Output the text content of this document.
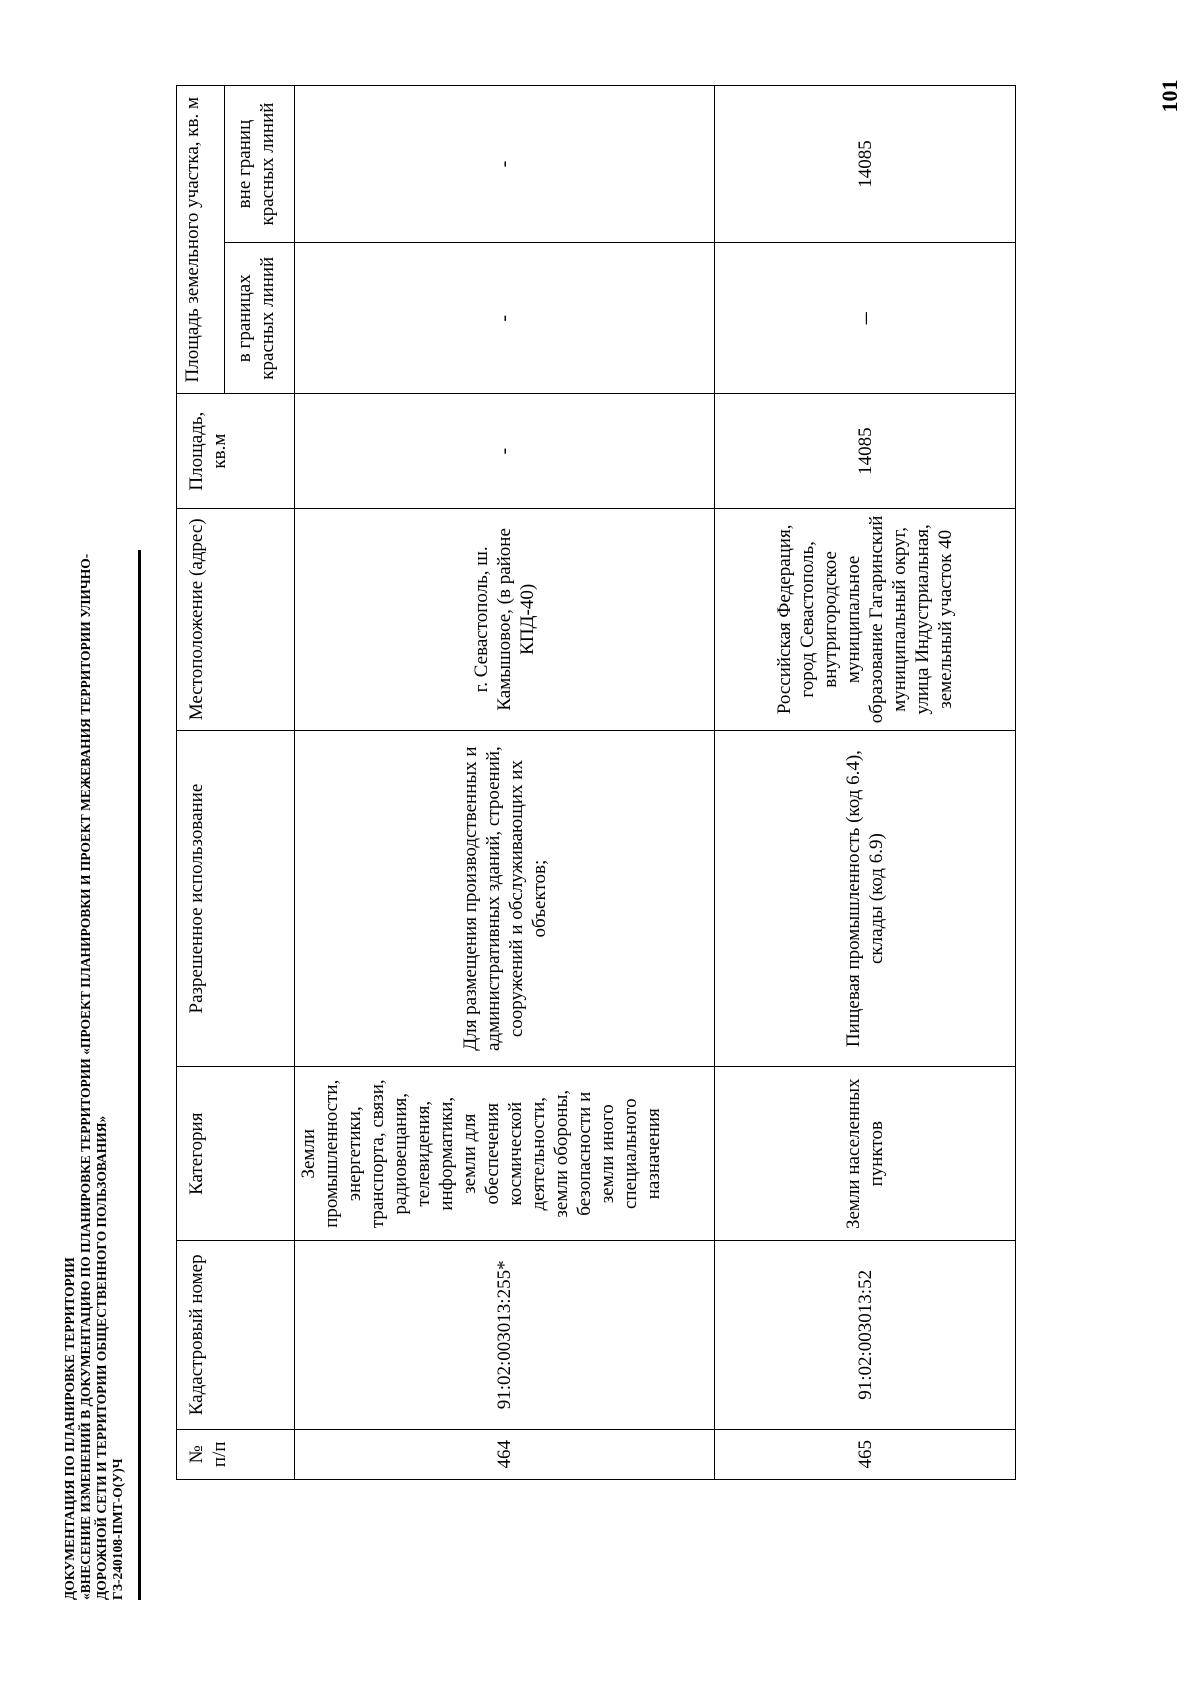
101
ДОКУМЕНТАЦИЯ ПО ПЛАНИРОВКЕ ТЕРРИТОРИИ «ВНЕСЕНИЕ ИЗМЕНЕНИЙ В ДОКУМЕНТАЦИЮ ПО ПЛАНИРОВКЕ ТЕРРИТОРИИ «ПРОЕКТ ПЛАНИРОВКИ И ПРОЕКТ МЕЖЕВАНИЯ ТЕРРИТОРИИ УЛИЧНО- ДОРОЖНОЙ СЕТИ И ТЕРРИТОРИИ ОБЩЕСТВЕННОГО ПОЛЬЗОВАНИЯ» ГЗ-240108-ПМТ-О(У)Ч
№ п/п	Кадастровый номер	Категория	Разрешенное использование	Местоположение (адрес)	Площадь, кв.м	Площадь земельного участка, кв. м	
						в границах красных линий	вне границ красных линий
464	91:02:003013:255*	Земли промышленности, энергетики, транспорта, связи, радиовещания, телевидения, информатики, земли для обеспечения космической деятельности, земли обороны, безопасности и земли иного специального назначения	Для размещения производственных и административных зданий, строений, сооружений и обслуживающих их объектов;	г. Севастополь, ш. Камышовое, (в районе КПД-40)	-	-	-
465	91:02:003013:52	Земли населенных пунктов	Пищевая промышленность (код 6.4), склады (код 6.9)	Российская Федерация, город Севастополь, внутригородское муниципальное образование Гагаринский муниципальный округ, улица Индустриальная, земельный участок 40	14085	–	14085
